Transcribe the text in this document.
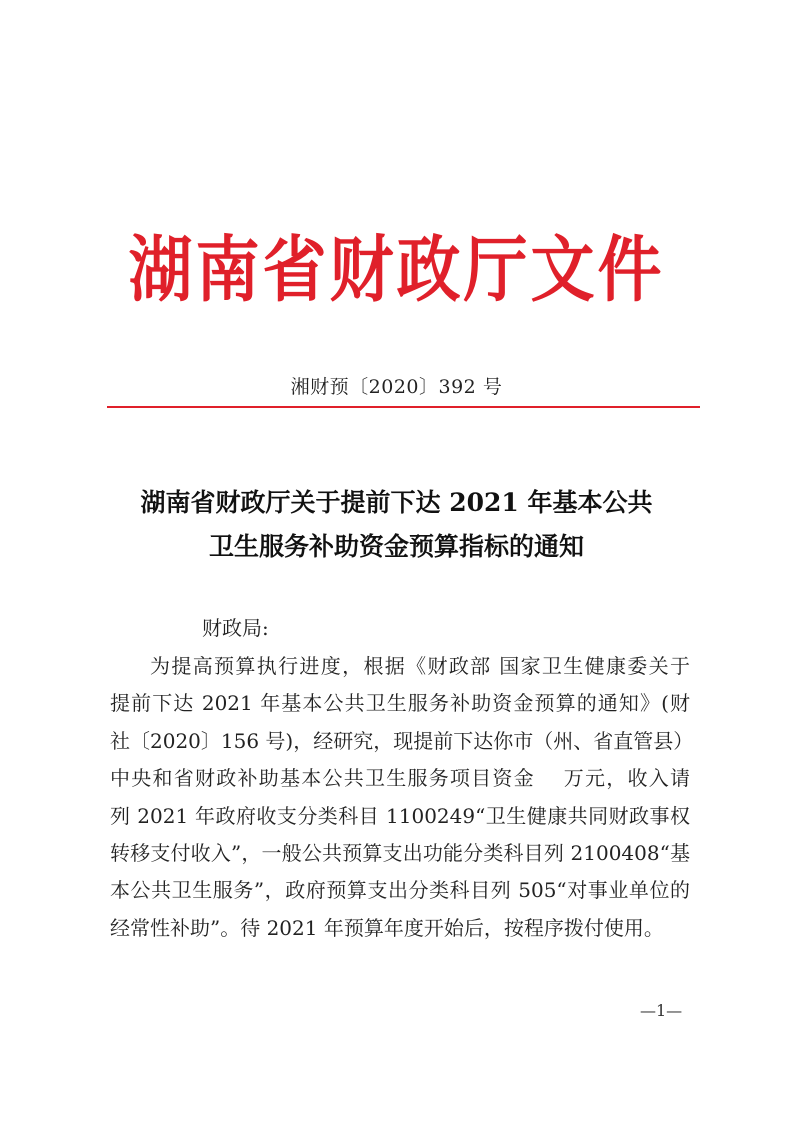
湖南省财政厅文件
湘财预〔2020〕392 号
湖南省财政厅关于提前下达 2021 年基本公共
卫生服务补助资金预算指标的通知
财政局:
为提高预算执行进度，根据《财政部 国家卫生健康委关于
提前下达 2021 年基本公共卫生服务补助资金预算的通知》(财
社〔2020〕156 号)，经研究，现提前下达你市（州、省直管县）
中央和省财政补助基本公共卫生服务项目资金　 万元，收入请
列 2021 年政府收支分类科目 1100249“卫生健康共同财政事权
转移支付收入”，一般公共预算支出功能分类科目列 2100408“基
本公共卫生服务”，政府预算支出分类科目列 505“对事业单位的
经常性补助”。待 2021 年预算年度开始后，按程序拨付使用。
—1—
